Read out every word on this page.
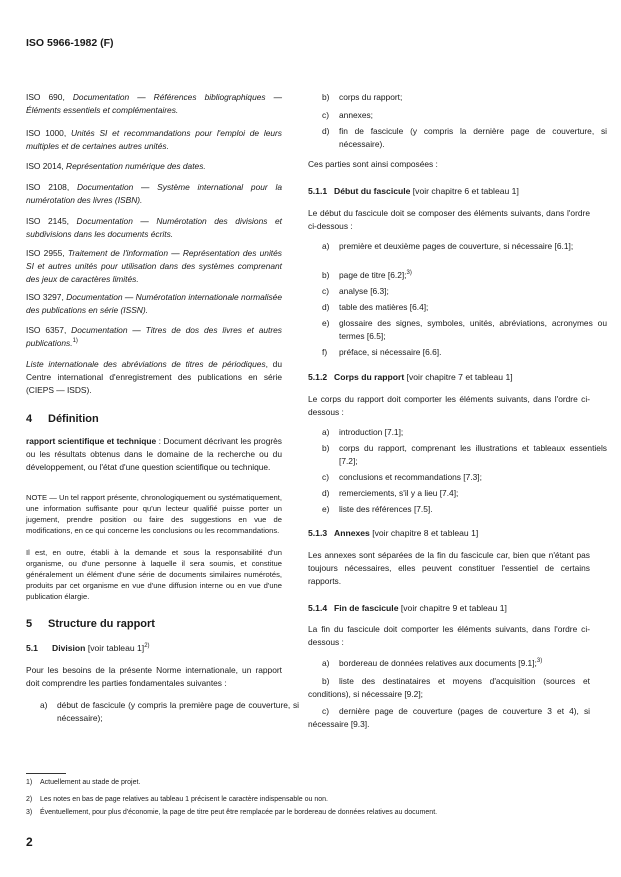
ISO 5966-1982 (F)
ISO 690, Documentation — Références bibliographiques — Éléments essentiels et complémentaires.
ISO 1000, Unités SI et recommandations pour l'emploi de leurs multiples et de certaines autres unités.
ISO 2014, Représentation numérique des dates.
ISO 2108, Documentation — Système international pour la numérotation des livres (ISBN).
ISO 2145, Documentation — Numérotation des divisions et subdivisions dans les documents écrits.
ISO 2955, Traitement de l'information — Représentation des unités SI et autres unités pour utilisation dans des systèmes comprenant des jeux de caractères limités.
ISO 3297, Documentation — Numérotation internationale normalisée des publications en série (ISSN).
ISO 6357, Documentation — Titres de dos des livres et autres publications.$^{1)}$
Liste internationale des abréviations de titres de périodiques, du Centre international d'enregistrement des publications en série (CIEPS — ISDS).
4 Définition
rapport scientifique et technique : Document décrivant les progrès ou les résultats obtenus dans le domaine de la recherche ou du développement, ou l'état d'une question scientifique ou technique.
NOTE — Un tel rapport présente, chronologiquement ou systématiquement, une information suffisante pour qu'un lecteur qualifié puisse porter un jugement, prendre position ou faire des suggestions en vue de modifications, en ce qui concerne les conclusions ou les recommandations.
Il est, en outre, établi à la demande et sous la responsabilité d'un organisme, ou d'une personne à laquelle il sera soumis, et constitue généralement un élément d'une série de documents similaires numérotés, produits par cet organisme en vue d'une diffusion interne ou en vue d'une publication élargie.
5 Structure du rapport
5.1 Division [voir tableau 1]$^{2)}$
Pour les besoins de la présente Norme internationale, un rapport doit comprendre les parties fondamentales suivantes :
a) début de fascicule (y compris la première page de couverture, si nécessaire);
b) corps du rapport;
c) annexes;
d) fin de fascicule (y compris la dernière page de couverture, si nécessaire).
Ces parties sont ainsi composées :
5.1.1 Début du fascicule [voir chapitre 6 et tableau 1]
Le début du fascicule doit se composer des éléments suivants, dans l'ordre ci-dessous :
a) première et deuxième pages de couverture, si nécessaire [6.1];
b) page de titre [6.2];$^{3)}$
c) analyse [6.3];
d) table des matières [6.4];
e) glossaire des signes, symboles, unités, abréviations, acronymes ou termes [6.5];
f) préface, si nécessaire [6.6].
5.1.2 Corps du rapport [voir chapitre 7 et tableau 1]
Le corps du rapport doit comporter les éléments suivants, dans l'ordre ci-dessous :
a) introduction [7.1];
b) corps du rapport, comprenant les illustrations et tableaux essentiels [7.2];
c) conclusions et recommandations [7.3];
d) remerciements, s'il y a lieu [7.4];
e) liste des références [7.5].
5.1.3 Annexes [voir chapitre 8 et tableau 1]
Les annexes sont séparées de la fin du fascicule car, bien que n'étant pas toujours nécessaires, elles peuvent constituer l'essentiel de certains rapports.
5.1.4 Fin de fascicule [voir chapitre 9 et tableau 1]
La fin du fascicule doit comporter les éléments suivants, dans l'ordre ci-dessous :
a) bordereau de données relatives aux documents [9.1];$^{3)}$
b) liste des destinataires et moyens d'acquisition (sources et conditions), si nécessaire [9.2];
c) dernière page de couverture (pages de couverture 3 et 4), si nécessaire [9.3].
1) Actuellement au stade de projet.
2) Les notes en bas de page relatives au tableau 1 précisent le caractère indispensable ou non.
3) Éventuellement, pour plus d'économie, la page de titre peut être remplacée par le bordereau de données relatives au document.
2
